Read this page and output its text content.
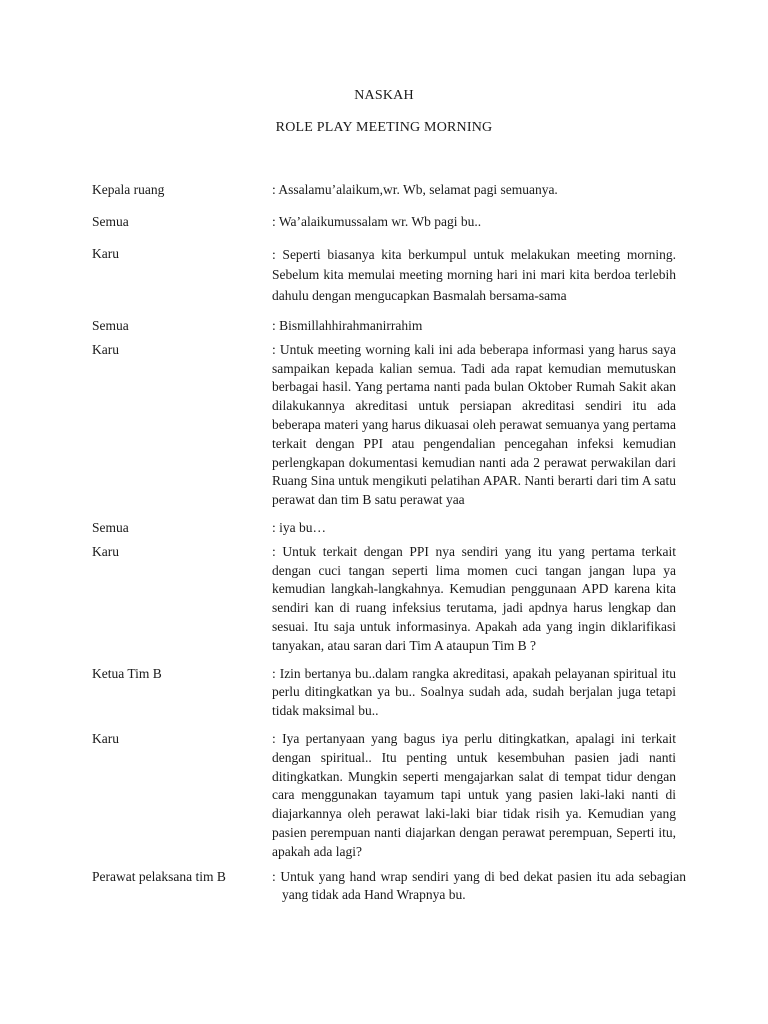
NASKAH
ROLE PLAY MEETING MORNING
Kepala ruang	: Assalamu’alaikum,wr. Wb, selamat pagi semuanya.
Semua	: Wa’alaikumussalam wr. Wb pagi bu..
Karu	: Seperti biasanya kita berkumpul untuk melakukan meeting morning. Sebelum kita memulai meeting morning hari ini mari kita berdoa terlebih dahulu dengan mengucapkan Basmalah bersama-sama
Semua	: Bismillahhirahmanirrahim
Karu	: Untuk meeting worning kali ini ada beberapa informasi yang harus saya sampaikan kepada kalian semua. Tadi ada rapat kemudian memutuskan berbagai hasil. Yang pertama nanti pada bulan Oktober Rumah Sakit akan dilakukannya akreditasi untuk persiapan akreditasi sendiri itu ada beberapa materi yang harus dikuasai oleh perawat semuanya yang pertama terkait dengan PPI atau pengendalian pencegahan infeksi kemudian perlengkapan dokumentasi kemudian nanti ada 2 perawat perwakilan dari Ruang Sina untuk mengikuti pelatihan APAR. Nanti berarti dari tim A satu perawat dan tim B satu perawat yaa
Semua	: iya bu…
Karu	: Untuk terkait dengan PPI nya sendiri yang itu yang pertama terkait dengan cuci tangan seperti lima momen cuci tangan jangan lupa ya kemudian langkah-langkahnya. Kemudian penggunaan APD karena kita sendiri kan di ruang infeksius terutama, jadi apdnya harus lengkap dan sesuai. Itu saja untuk informasinya. Apakah ada yang ingin diklarifikasi tanyakan, atau saran dari Tim A ataupun Tim B ?
Ketua Tim B	: Izin bertanya bu..dalam rangka akreditasi, apakah pelayanan spiritual itu perlu ditingkatkan ya bu.. Soalnya sudah ada, sudah berjalan juga tetapi tidak maksimal bu..
Karu	: Iya pertanyaan yang bagus iya perlu ditingkatkan, apalagi ini terkait dengan spiritual.. Itu penting untuk kesembuhan pasien jadi nanti ditingkatkan. Mungkin seperti mengajarkan salat di tempat tidur dengan cara menggunakan tayamum tapi untuk yang pasien laki-laki nanti di diajarkannya oleh perawat laki-laki biar tidak risih ya. Kemudian yang pasien perempuan nanti diajarkan dengan perawat perempuan, Seperti itu, apakah ada lagi?
Perawat pelaksana tim B	: Untuk yang hand wrap sendiri yang di bed dekat pasien itu ada sebagian yang tidak ada Hand Wrapnya bu.
